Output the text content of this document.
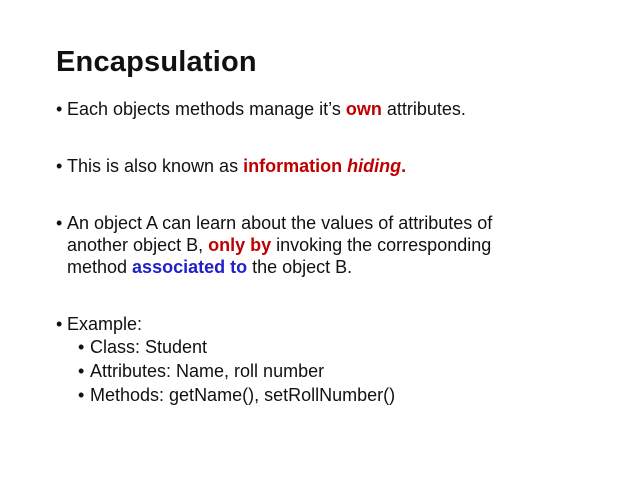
Encapsulation
• Each objects methods manage it’s own attributes.
• This is also known as information hiding.
• An object A can learn about the values of attributes of
another object B, only by invoking the corresponding
method associated to the object B.
• Example:
• Class: Student
• Attributes: Name, roll number
• Methods: getName(), setRollNumber()
